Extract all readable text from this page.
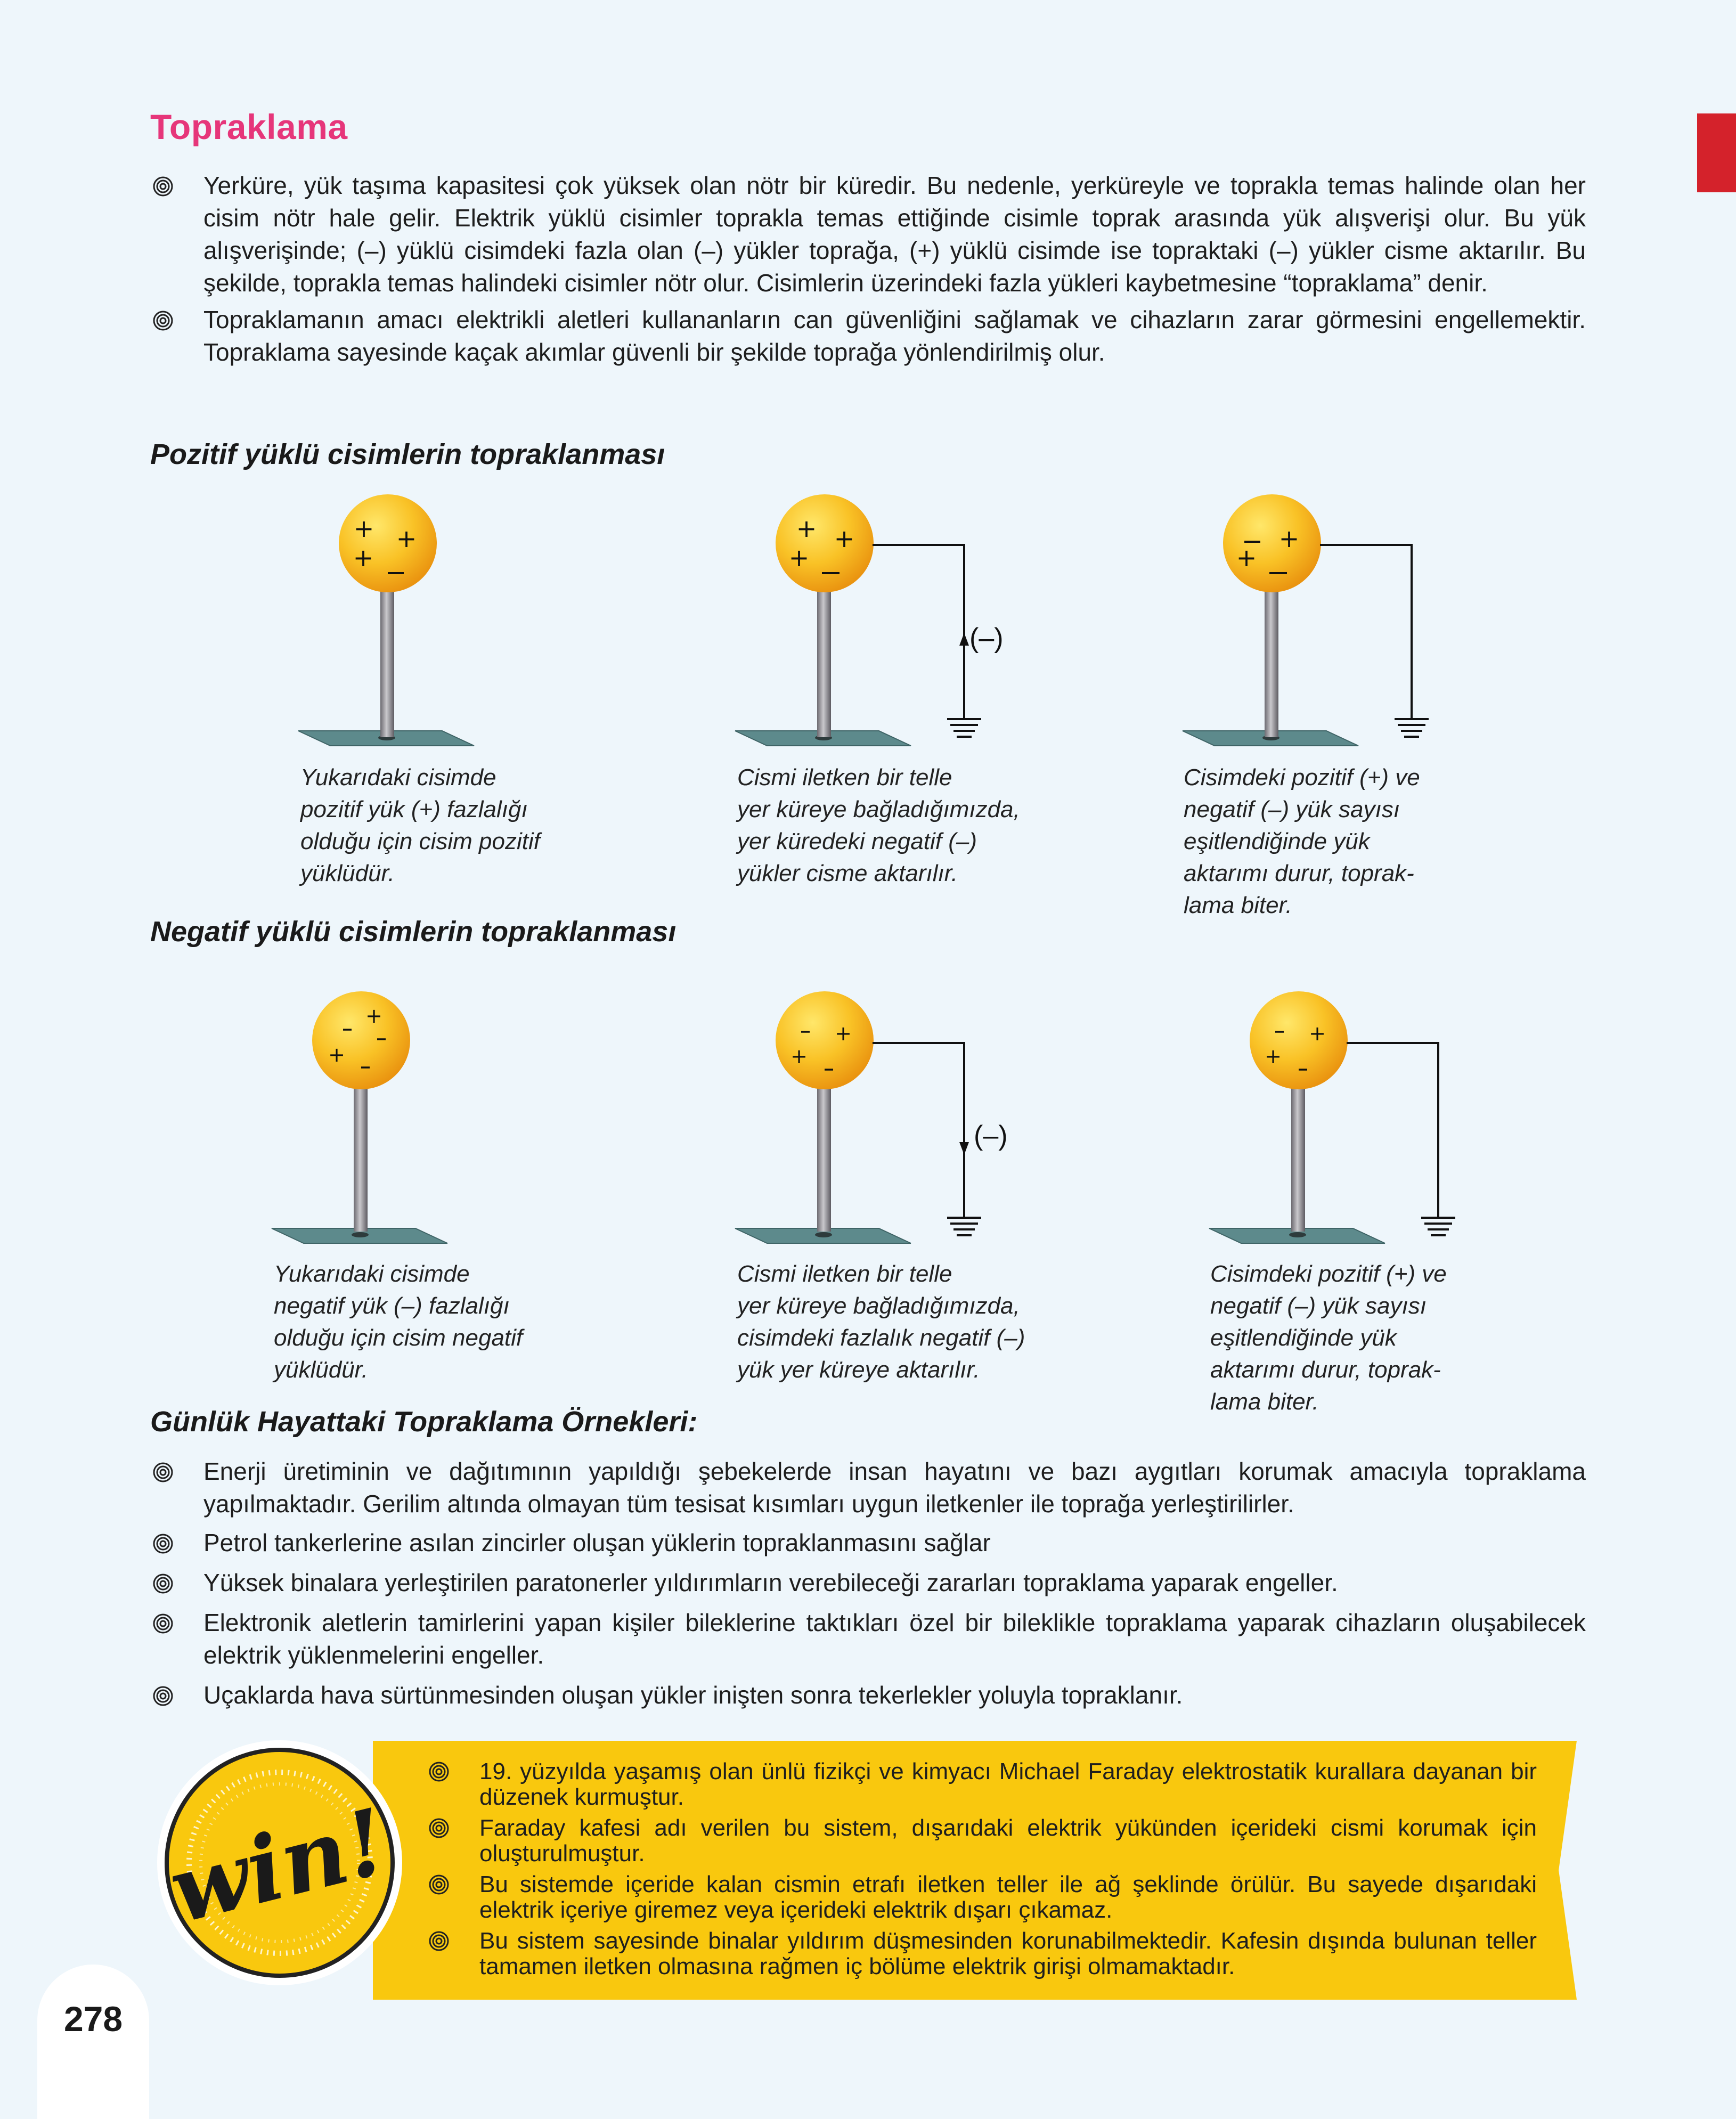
Topraklama
Yerküre, yük taşıma kapasitesi çok yüksek olan nötr bir küredir. Bu nedenle, yerküreyle ve toprakla temas halinde olan her cisim nötr hale gelir. Elektrik yüklü cisimler toprakla temas ettiğinde cisimle toprak arasında yük alışverişi olur. Bu yük alışverişinde; (–) yüklü cisimdeki fazla olan (–) yükler toprağa, (+) yüklü cisimde ise topraktaki (–) yükler cisme aktarılır. Bu şekilde, toprakla temas halindeki cisimler nötr olur. Cisimlerin üzerindeki fazla yükleri kaybetmesine “topraklama” denir.
Topraklamanın amacı elektrikli aletleri kullananların can güvenliğini sağlamak ve cihazların zarar görmesini engellemektir. Topraklama sayesinde kaçak akımlar güvenli bir şekilde toprağa yönlendirilmiş olur.
Pozitif yüklü cisimlerin topraklanması
+ +
+
+ +
+
(–)
+
+
Yukarıdaki cisimde
pozitif yük (+) fazlalığı
olduğu için cisim pozitif
yüklüdür.
Cismi iletken bir telle
yer küreye bağladığımızda,
yer küredeki negatif (–)
yükler cisme aktarılır.
Cisimdeki pozitif (+) ve
negatif (–) yük sayısı
eşitlendiğinde yük
aktarımı durur, toprak-
lama biter.
Negatif yüklü cisimlerin topraklanması
+
+
+
+
(–)
+
+
Yukarıdaki cisimde
negatif yük (–) fazlalığı
olduğu için cisim negatif
yüklüdür.
Cismi iletken bir telle
yer küreye bağladığımızda,
cisimdeki fazlalık negatif (–)
yük yer küreye aktarılır.
Cisimdeki pozitif (+) ve
negatif (–) yük sayısı
eşitlendiğinde yük
aktarımı durur, toprak-
lama biter.
Günlük Hayattaki Topraklama Örnekleri:
Enerji üretiminin ve dağıtımının yapıldığı şebekelerde insan hayatını ve bazı aygıtları korumak amacıyla topraklama yapılmaktadır. Gerilim altında olmayan tüm tesisat kısımları uygun iletkenler ile toprağa yerleştirilirler.
Petrol tankerlerine asılan zincirler oluşan yüklerin topraklanmasını sağlar
Yüksek binalara yerleştirilen paratonerler yıldırımların verebileceği zararları topraklama yaparak engeller.
Elektronik aletlerin tamirlerini yapan kişiler bileklerine taktıkları özel bir bileklikle topraklama yaparak cihazların oluşabilecek elektrik yüklenmelerini engeller.
Uçaklarda hava sürtünmesinden oluşan yükler inişten sonra tekerlekler yoluyla topraklanır.
win!
19. yüzyılda yaşamış olan ünlü fizikçi ve kimyacı Michael Faraday elektrostatik kurallara dayanan bir düzenek kurmuştur.
Faraday kafesi adı verilen bu sistem, dışarıdaki elektrik yükünden içerideki cismi korumak için oluşturulmuştur.
Bu sistemde içeride kalan cismin etrafı iletken teller ile ağ şeklinde örülür. Bu sayede dışarıdaki elektrik içeriye giremez veya içerideki elektrik dışarı çıkamaz.
Bu sistem sayesinde binalar yıldırım düşmesinden korunabilmektedir. Kafesin dışında bulunan teller tamamen iletken olmasına rağmen iç bölüme elektrik girişi olmamaktadır.
278
